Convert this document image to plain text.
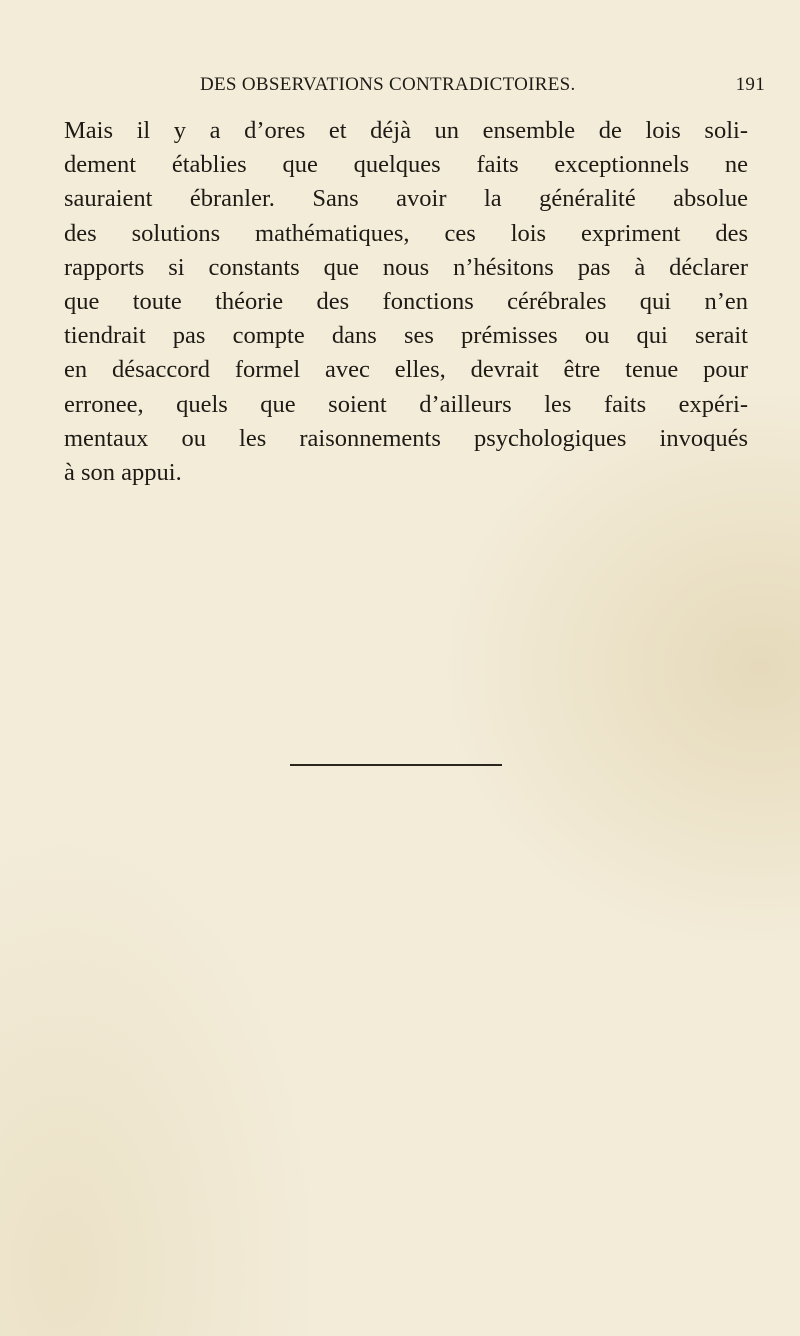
DES OBSERVATIONS CONTRADICTOIRES.	191
Mais il y a d’ores et déjà un ensemble de lois soli-
dement établies que quelques faits exceptionnels ne
sauraient ébranler. Sans avoir la généralité absolue
des solutions mathématiques, ces lois expriment des
rapports si constants que nous n’hésitons pas à déclarer
que toute théorie des fonctions cérébrales qui n’en
tiendrait pas compte dans ses prémisses ou qui serait
en désaccord formel avec elles, devrait être tenue pour
erronee, quels que soient d’ailleurs les faits expéri-
mentaux ou les raisonnements psychologiques invoqués
à son appui.
